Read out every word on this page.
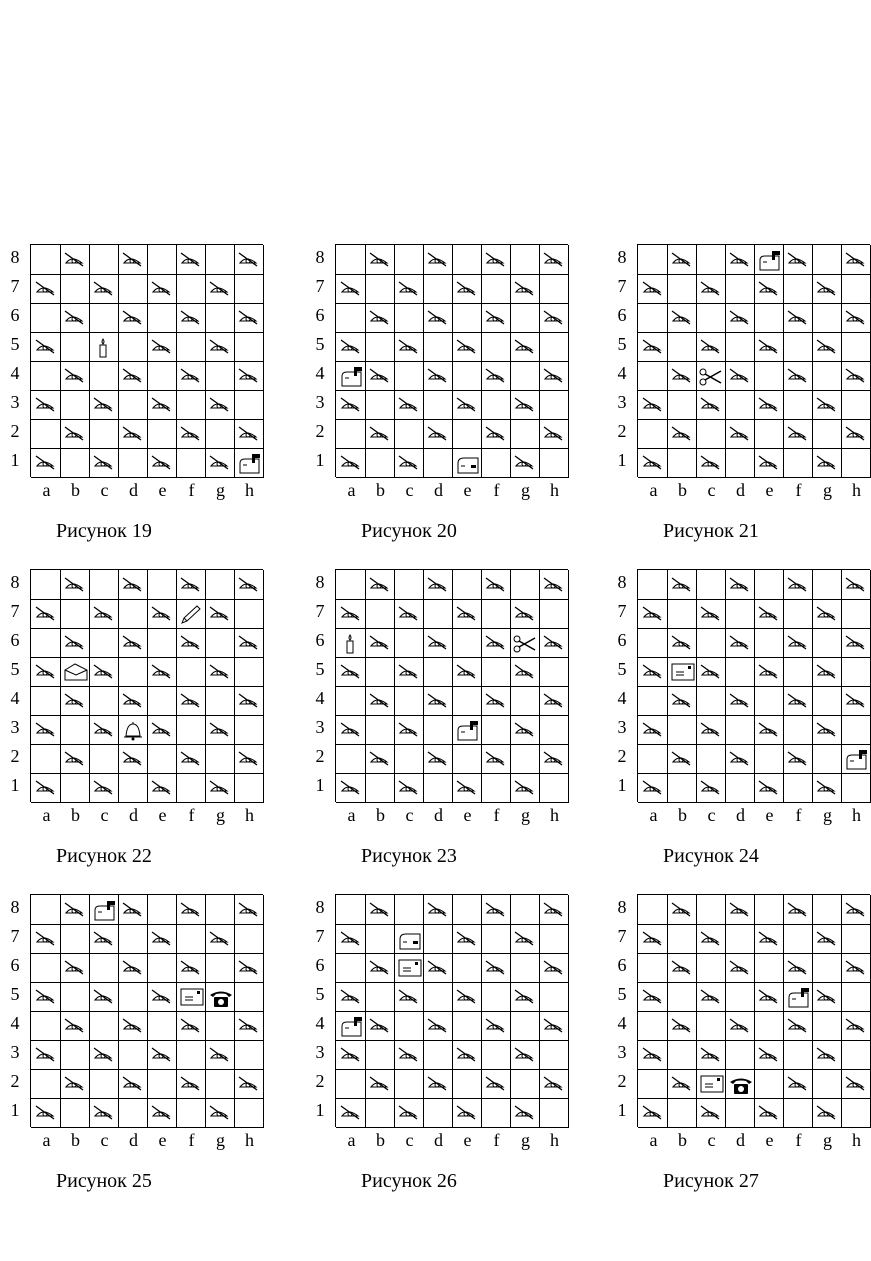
8
7
6
5
4
3
2
1
a	b	c	d	e	f	g	h
Рисунок 19
8
7
6
5
4
3
2
1
a	b	c	d	e	f	g	h
Рисунок 20
8
7
6
5
4
3
2
1
a	b	c	d	e	f	g	h
Рисунок 21
8
7
6
5
4
3
2
1
a	b	c	d	e	f	g	h
Рисунок 22
8
7
6
5
4
3
2
1
a	b	c	d	e	f	g	h
Рисунок 23
8
7
6
5
4
3
2
1
a	b	c	d	e	f	g	h
Рисунок 24
8
7
6
5
4
3
2
1
a	b	c	d	e	f	g	h
Рисунок 25
8
7
6
5
4
3
2
1
a	b	c	d	e	f	g	h
Рисунок 26
8
7
6
5
4
3
2
1
a	b	c	d	e	f	g	h
Рисунок 27
